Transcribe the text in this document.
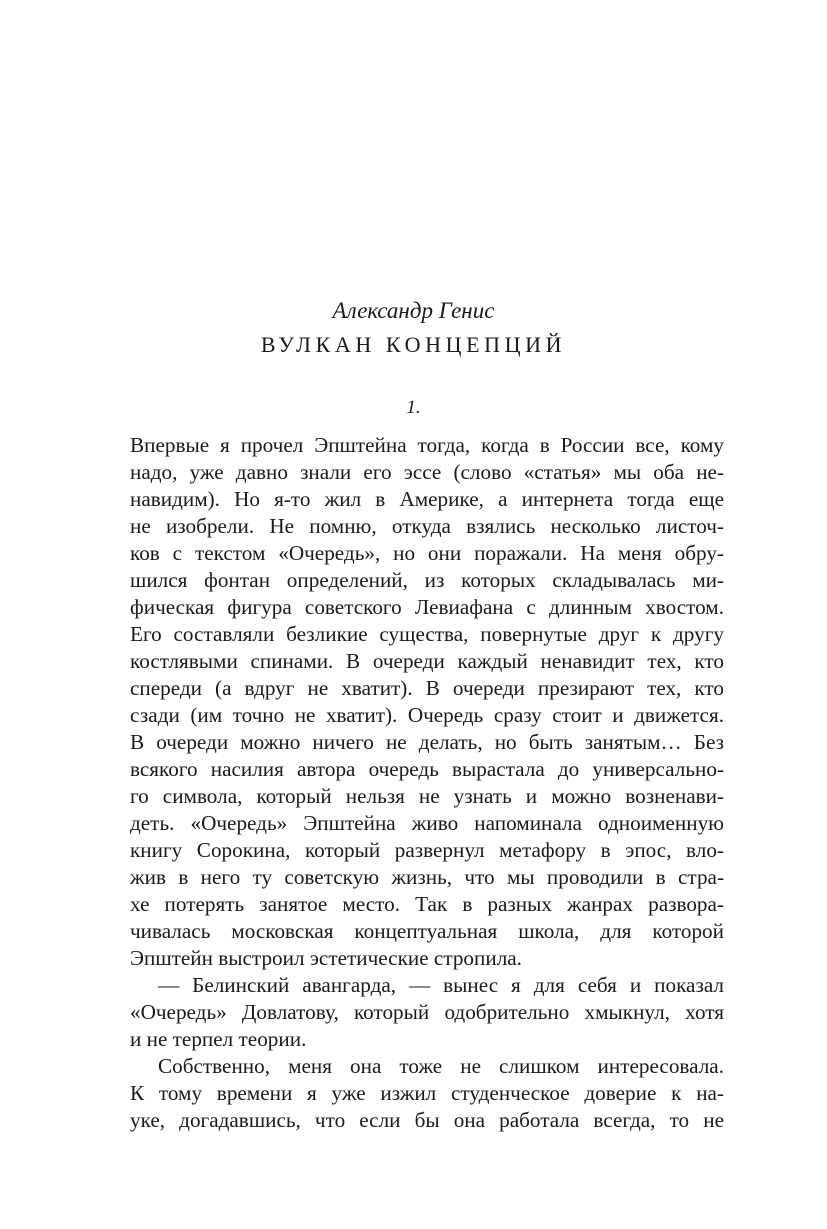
Александр Генис
ВУЛКАН КОНЦЕПЦИЙ
1.
Впервые я прочел Эпштейна тогда, когда в России все, кому
надо, уже давно знали его эссе (слово «статья» мы оба не-
навидим). Но я-то жил в Америке, а интернета тогда еще
не изобрели. Не помню, откуда взялись несколько листоч-
ков с текстом «Очередь», но они поражали. На меня обру-
шился фонтан определений, из которых складывалась ми-
фическая фигура советского Левиафана с длинным хвостом.
Его составляли безликие существа, повернутые друг к другу
костлявыми спинами. В очереди каждый ненавидит тех, кто
спереди (а вдруг не хватит). В очереди презирают тех, кто
сзади (им точно не хватит). Очередь сразу стоит и движется.
В очереди можно ничего не делать, но быть занятым… Без
всякого насилия автора очередь вырастала до универсально-
го символа, который нельзя не узнать и можно возненави-
деть. «Очередь» Эпштейна живо напоминала одноименную
книгу Сорокина, который развернул метафору в эпос, вло-
жив в него ту советскую жизнь, что мы проводили в стра-
хе потерять занятое место. Так в разных жанрах развора-
чивалась московская концептуальная школа, для которой
Эпштейн выстроил эстетические стропила.
— Белинский авангарда, — вынес я для себя и показал
«Очередь» Довлатову, который одобрительно хмыкнул, хотя
и не терпел теории.
Собственно, меня она тоже не слишком интересовала.
К тому времени я уже изжил студенческое доверие к на-
уке, догадавшись, что если бы она работала всегда, то не
